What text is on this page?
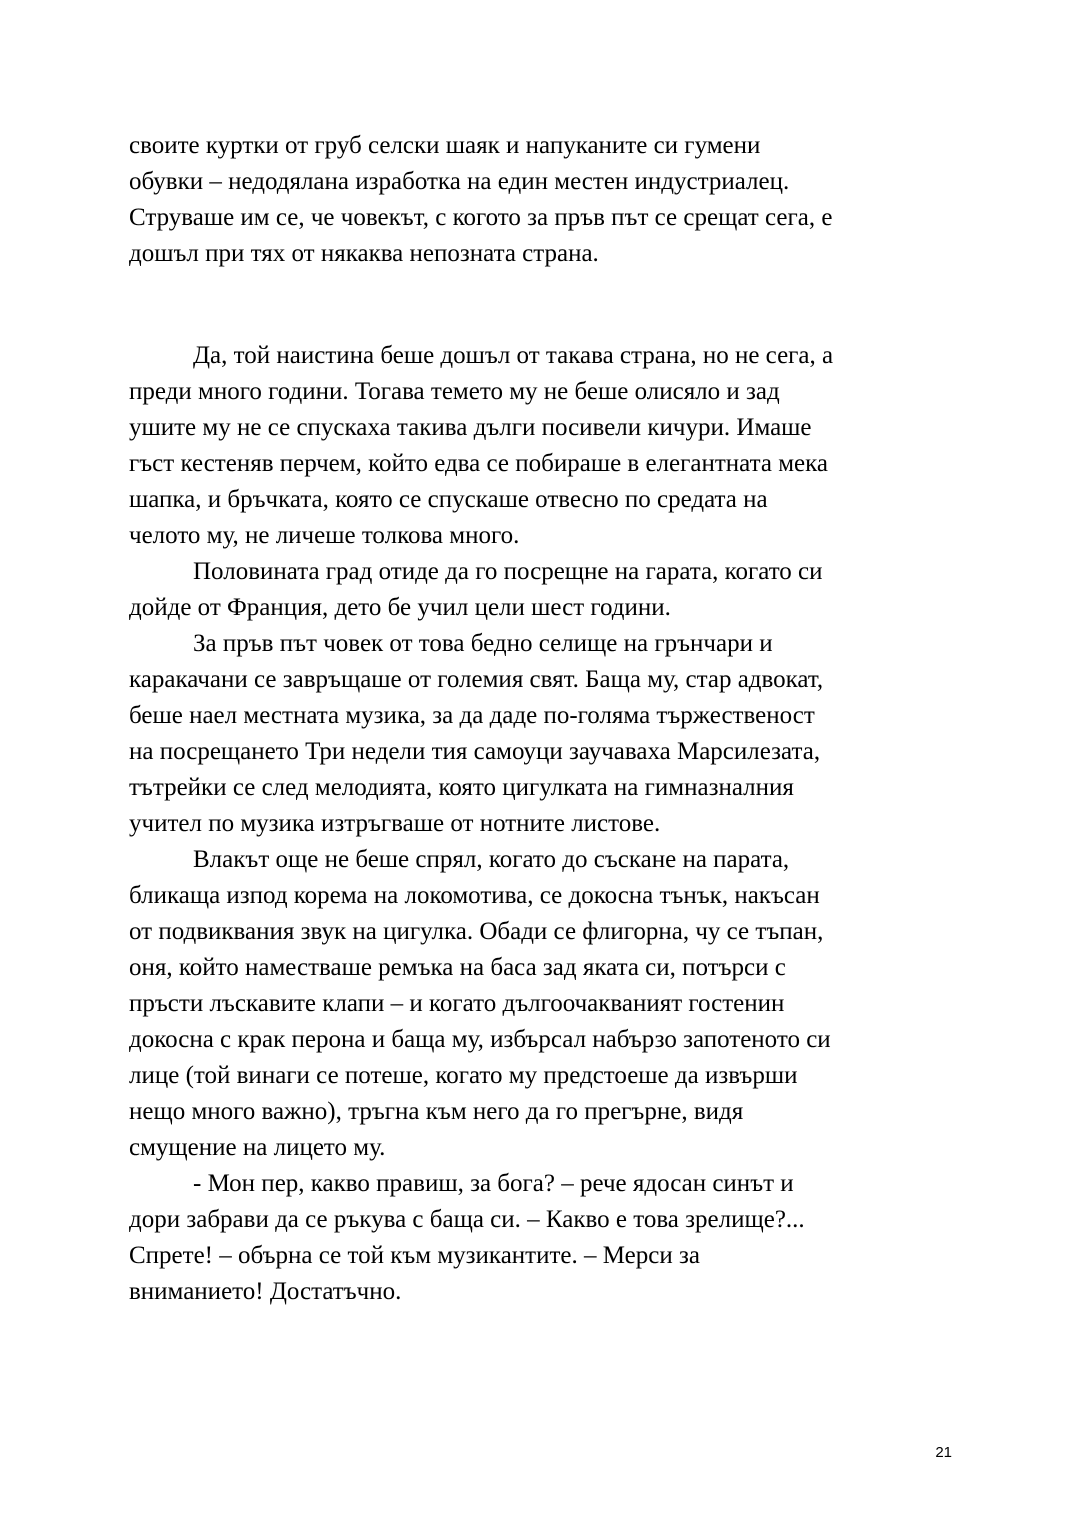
своите куртки от груб селски шаяк и напуканите си гумени
обувки – недодялана изработка на един местен индустриалец.
Струваше им се, че човекът, с когото за пръв път се срещат сега, е
дошъл при тях от някаква непозната страна.
Да, той наистина беше дошъл от такава страна, но не сега, а
преди много години. Тогава темето му не беше олисяло и зад
ушите му не се спускаха такива дълги посивели кичури. Имаше
гъст кестеняв перчем, който едва се побираше в елегантната мека
шапка, и бръчката, която се спускаше отвесно по средата на
челото му, не личеше толкова много.
Половината град отиде да го посрещне на гарата, когато си
дойде от Франция, дето бе учил цели шест години.
За пръв път човек от това бедно селище на грънчари и
каракачани се завръщаше от големия свят. Баща му, стар адвокат,
беше наел местната музика, за да даде по-голяма тържественост
на посрещането Три недели тия самоуци заучаваха Марсилезата,
тътрейки се след мелодията, която цигулката на гимназналния
учител по музика изтръгваше от нотните листове.
Влакът още не беше спрял, когато до съскане на парата,
бликаща изпод корема на локомотива, се докосна тънък, накъсан
от подвиквания звук на цигулка. Обади се флигорна, чу се тъпан,
оня, който наместваше ремъка на баса зад яката си, потърси с
пръсти лъскавите клапи – и когато дългоочакваният гостенин
докосна с крак перона и баща му, избърсал набързо запотеното си
лице (той винаги се потеше, когато му предстоеше да извърши
нещо много важно), тръгна към него да го прегърне, видя
смущение на лицето му.
- Мон пер, какво правиш, за бога? – рече ядосан синът и
дори забрави да се ръкува с баща си. – Какво е това зрелище?...
Спрете! – обърна се той към музикантите. – Мерси за
вниманието! Достатъчно.
21
